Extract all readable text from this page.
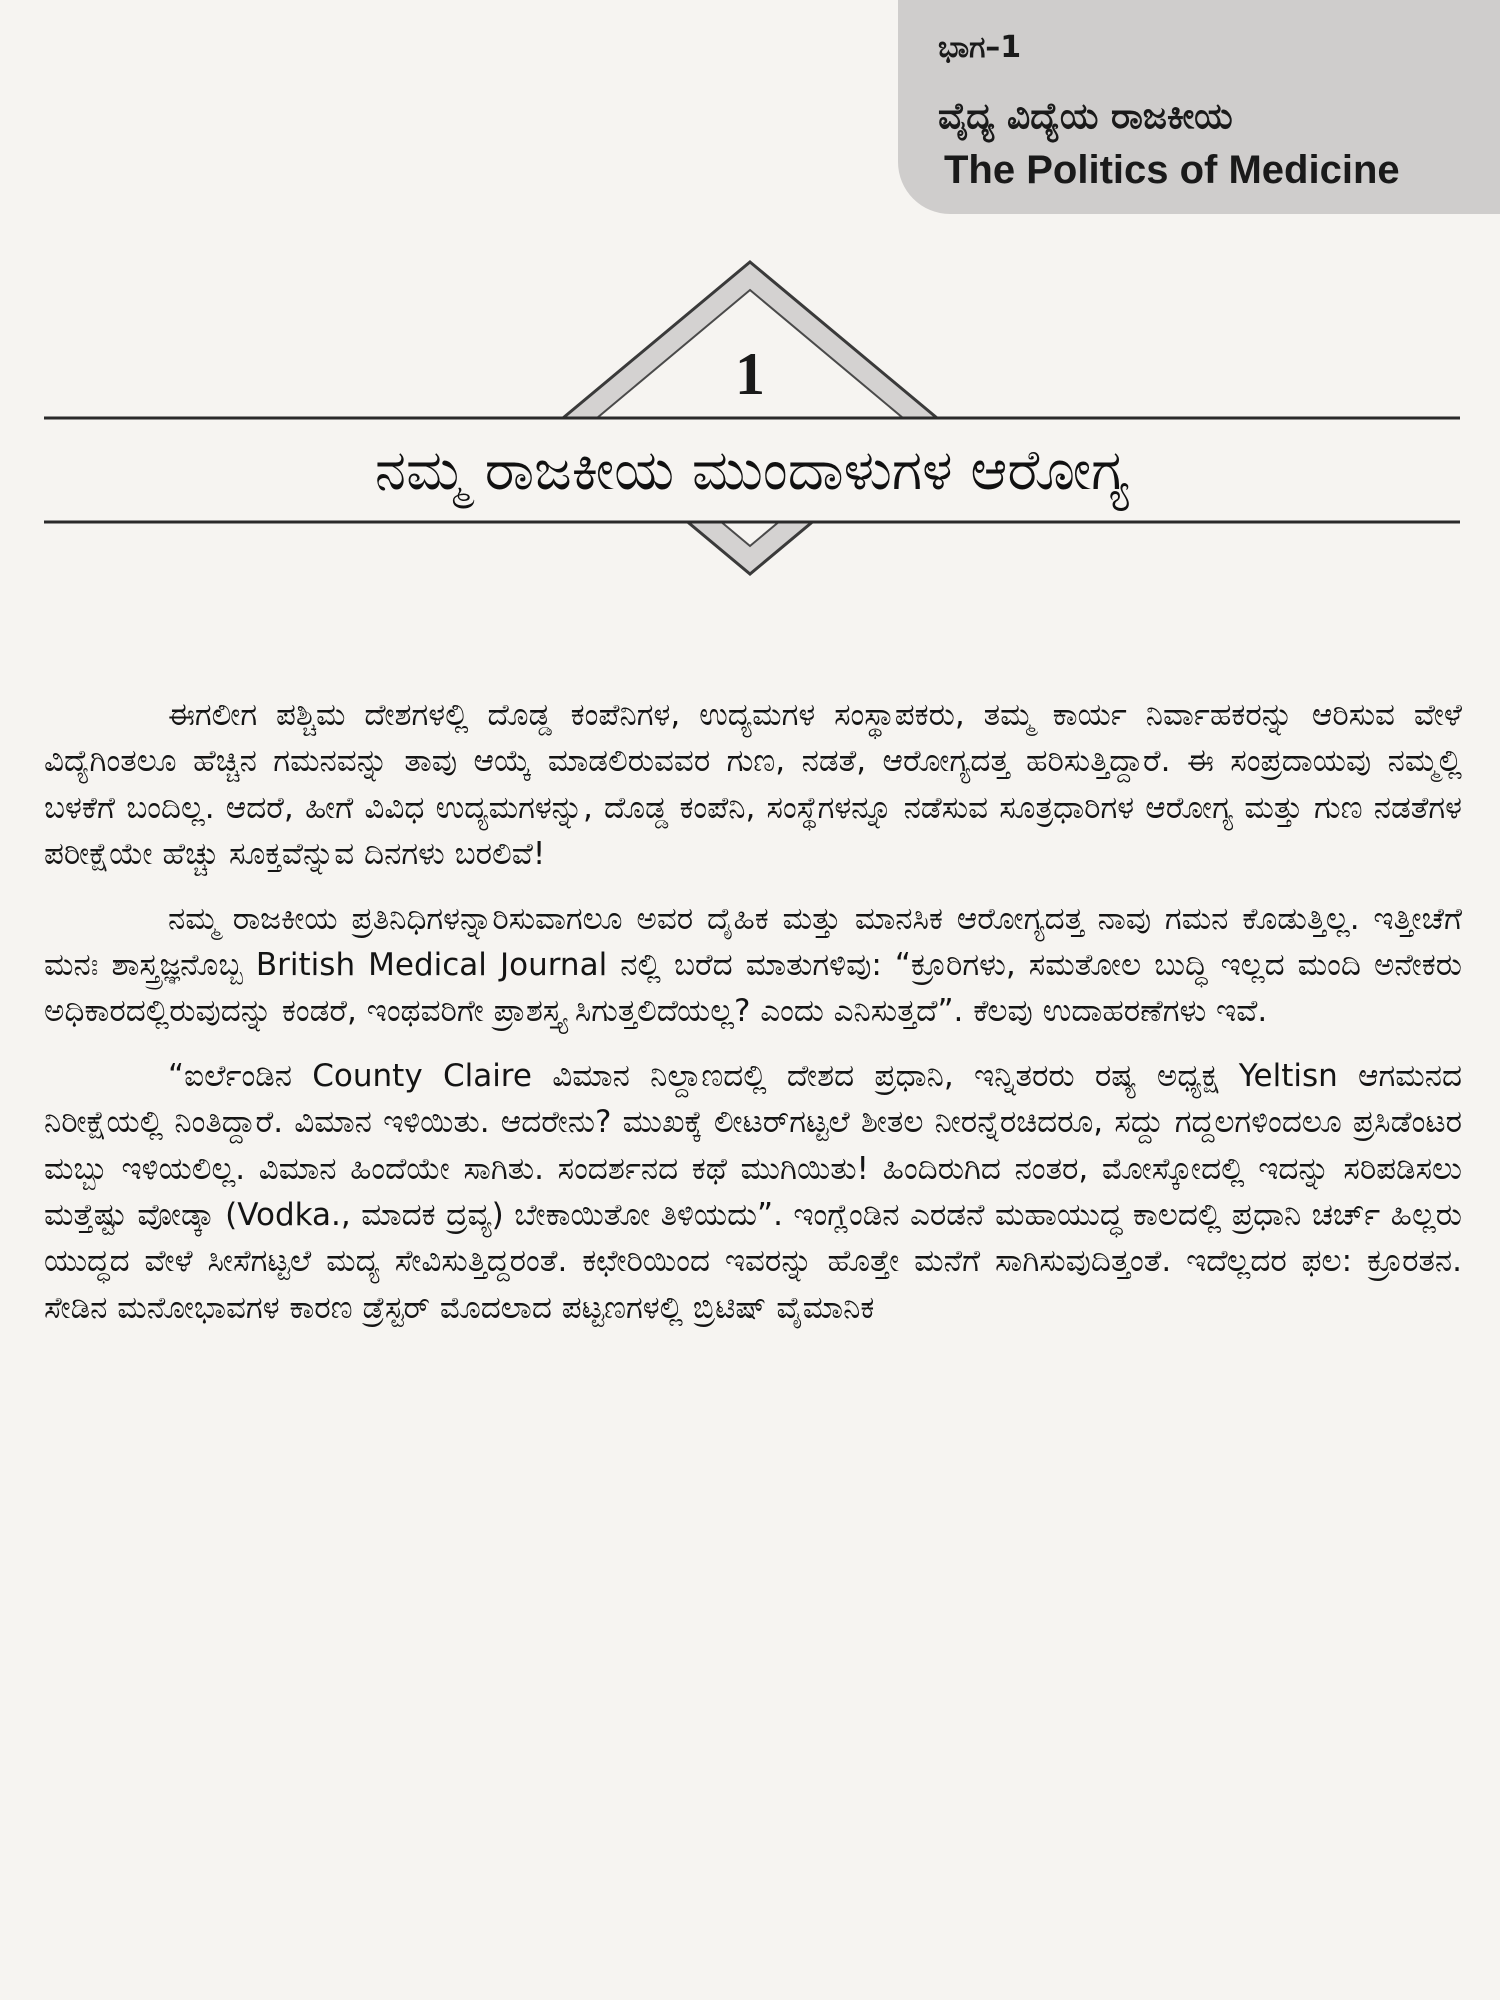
ಭಾಗ–1
ವೈದ್ಯ ವಿದ್ಯೆಯ ರಾಜಕೀಯ
The Politics of Medicine
1
ನಮ್ಮ ರಾಜಕೀಯ ಮುಂದಾಳುಗಳ ಆರೋಗ್ಯ

ಈಗಲೀಗ ಪಶ್ಚಿಮ ದೇಶಗಳಲ್ಲಿ ದೊಡ್ಡ ಕಂಪೆನಿಗಳ, ಉದ್ಯಮಗಳ ಸಂಸ್ಥಾಪಕರು, ತಮ್ಮ ಕಾರ್ಯ ನಿರ್ವಾಹಕರನ್ನು ಆರಿಸುವ ವೇಳೆ ವಿದ್ಯೆಗಿಂತಲೂ ಹೆಚ್ಚಿನ ಗಮನವನ್ನು ತಾವು ಆಯ್ಕೆ ಮಾಡಲಿರುವವರ ಗುಣ, ನಡತೆ, ಆರೋಗ್ಯದತ್ತ ಹರಿಸುತ್ತಿದ್ದಾರೆ. ಈ ಸಂಪ್ರದಾಯವು ನಮ್ಮಲ್ಲಿ ಬಳಕೆಗೆ ಬಂದಿಲ್ಲ. ಆದರೆ, ಹೀಗೆ ವಿವಿಧ ಉದ್ಯಮಗಳನ್ನು, ದೊಡ್ಡ ಕಂಪೆನಿ, ಸಂಸ್ಥೆಗಳನ್ನೂ ನಡೆಸುವ ಸೂತ್ರಧಾರಿಗಳ ಆರೋಗ್ಯ ಮತ್ತು ಗುಣ ನಡತೆಗಳ ಪರೀಕ್ಷೆಯೇ ಹೆಚ್ಚು ಸೂಕ್ತವೆನ್ನುವ ದಿನಗಳು ಬರಲಿವೆ!

ನಮ್ಮ ರಾಜಕೀಯ ಪ್ರತಿನಿಧಿಗಳನ್ನಾರಿಸುವಾಗಲೂ ಅವರ ದೈಹಿಕ ಮತ್ತು ಮಾನಸಿಕ ಆರೋಗ್ಯದತ್ತ ನಾವು ಗಮನ ಕೊಡುತ್ತಿಲ್ಲ. ಇತ್ತೀಚೆಗೆ ಮನಃ ಶಾಸ್ತ್ರಜ್ಞನೊಬ್ಬ British Medical Journal ನಲ್ಲಿ ಬರೆದ ಮಾತುಗಳಿವು: “ಕ್ರೂರಿಗಳು, ಸಮತೋಲ ಬುದ್ಧಿ ಇಲ್ಲದ ಮಂದಿ ಅನೇಕರು ಅಧಿಕಾರದಲ್ಲಿರುವುದನ್ನು ಕಂಡರೆ, ಇಂಥವರಿಗೇ ಪ್ರಾಶಸ್ತ್ಯ ಸಿಗುತ್ತಲಿದೆಯಲ್ಲ? ಎಂದು ಎನಿಸುತ್ತದೆ”. ಕೆಲವು ಉದಾಹರಣೆಗಳು ಇವೆ.

“ಐರ್ಲೆಂಡಿನ County Claire ವಿಮಾನ ನಿಲ್ದಾಣದಲ್ಲಿ ದೇಶದ ಪ್ರಧಾನಿ, ಇನ್ನಿತರರು ರಷ್ಯ ಅಧ್ಯಕ್ಷ Yeltisn ಆಗಮನದ ನಿರೀಕ್ಷೆಯಲ್ಲಿ ನಿಂತಿದ್ದಾರೆ. ವಿಮಾನ ಇಳಿಯಿತು. ಆದರೇನು? ಮುಖಕ್ಕೆ ಲೀಟರ್‌ಗಟ್ಟಲೆ ಶೀತಲ ನೀರನ್ನೆರಚಿದರೂ, ಸದ್ದು ಗದ್ದಲಗಳಿಂದಲೂ ಪ್ರಸಿಡೆಂಟರ ಮಬ್ಬು ಇಳಿಯಲಿಲ್ಲ. ವಿಮಾನ ಹಿಂದೆಯೇ ಸಾಗಿತು. ಸಂದರ್ಶನದ ಕಥೆ ಮುಗಿಯಿತು! ಹಿಂದಿರುಗಿದ ನಂತರ, ಮೋಸ್ಕೋದಲ್ಲಿ ಇದನ್ನು ಸರಿಪಡಿಸಲು ಮತ್ತೆಷ್ಟು ವೋಡ್ಕಾ (Vodka., ಮಾದಕ ದ್ರವ್ಯ) ಬೇಕಾಯಿತೋ ತಿಳಿಯದು”. ಇಂಗ್ಲೆಂಡಿನ ಎರಡನೆ ಮಹಾಯುದ್ಧ ಕಾಲದಲ್ಲಿ ಪ್ರಧಾನಿ ಚರ್ಚ್ ಹಿಲ್ಲರು ಯುದ್ಧದ ವೇಳೆ ಸೀಸೆಗಟ್ಟಲೆ ಮದ್ಯ ಸೇವಿಸುತ್ತಿದ್ದರಂತೆ. ಕಛೇರಿಯಿಂದ ಇವರನ್ನು ಹೊತ್ತೇ ಮನೆಗೆ ಸಾಗಿಸುವುದಿತ್ತಂತೆ. ಇದೆಲ್ಲದರ ಫಲ: ಕ್ರೂರತನ. ಸೇಡಿನ ಮನೋಭಾವಗಳ ಕಾರಣ ಡ್ರೆಸ್ಟರ್ ಮೊದಲಾದ ಪಟ್ಟಣಗಳಲ್ಲಿ ಬ್ರಿಟಿಷ್ ವೈಮಾನಿಕ
